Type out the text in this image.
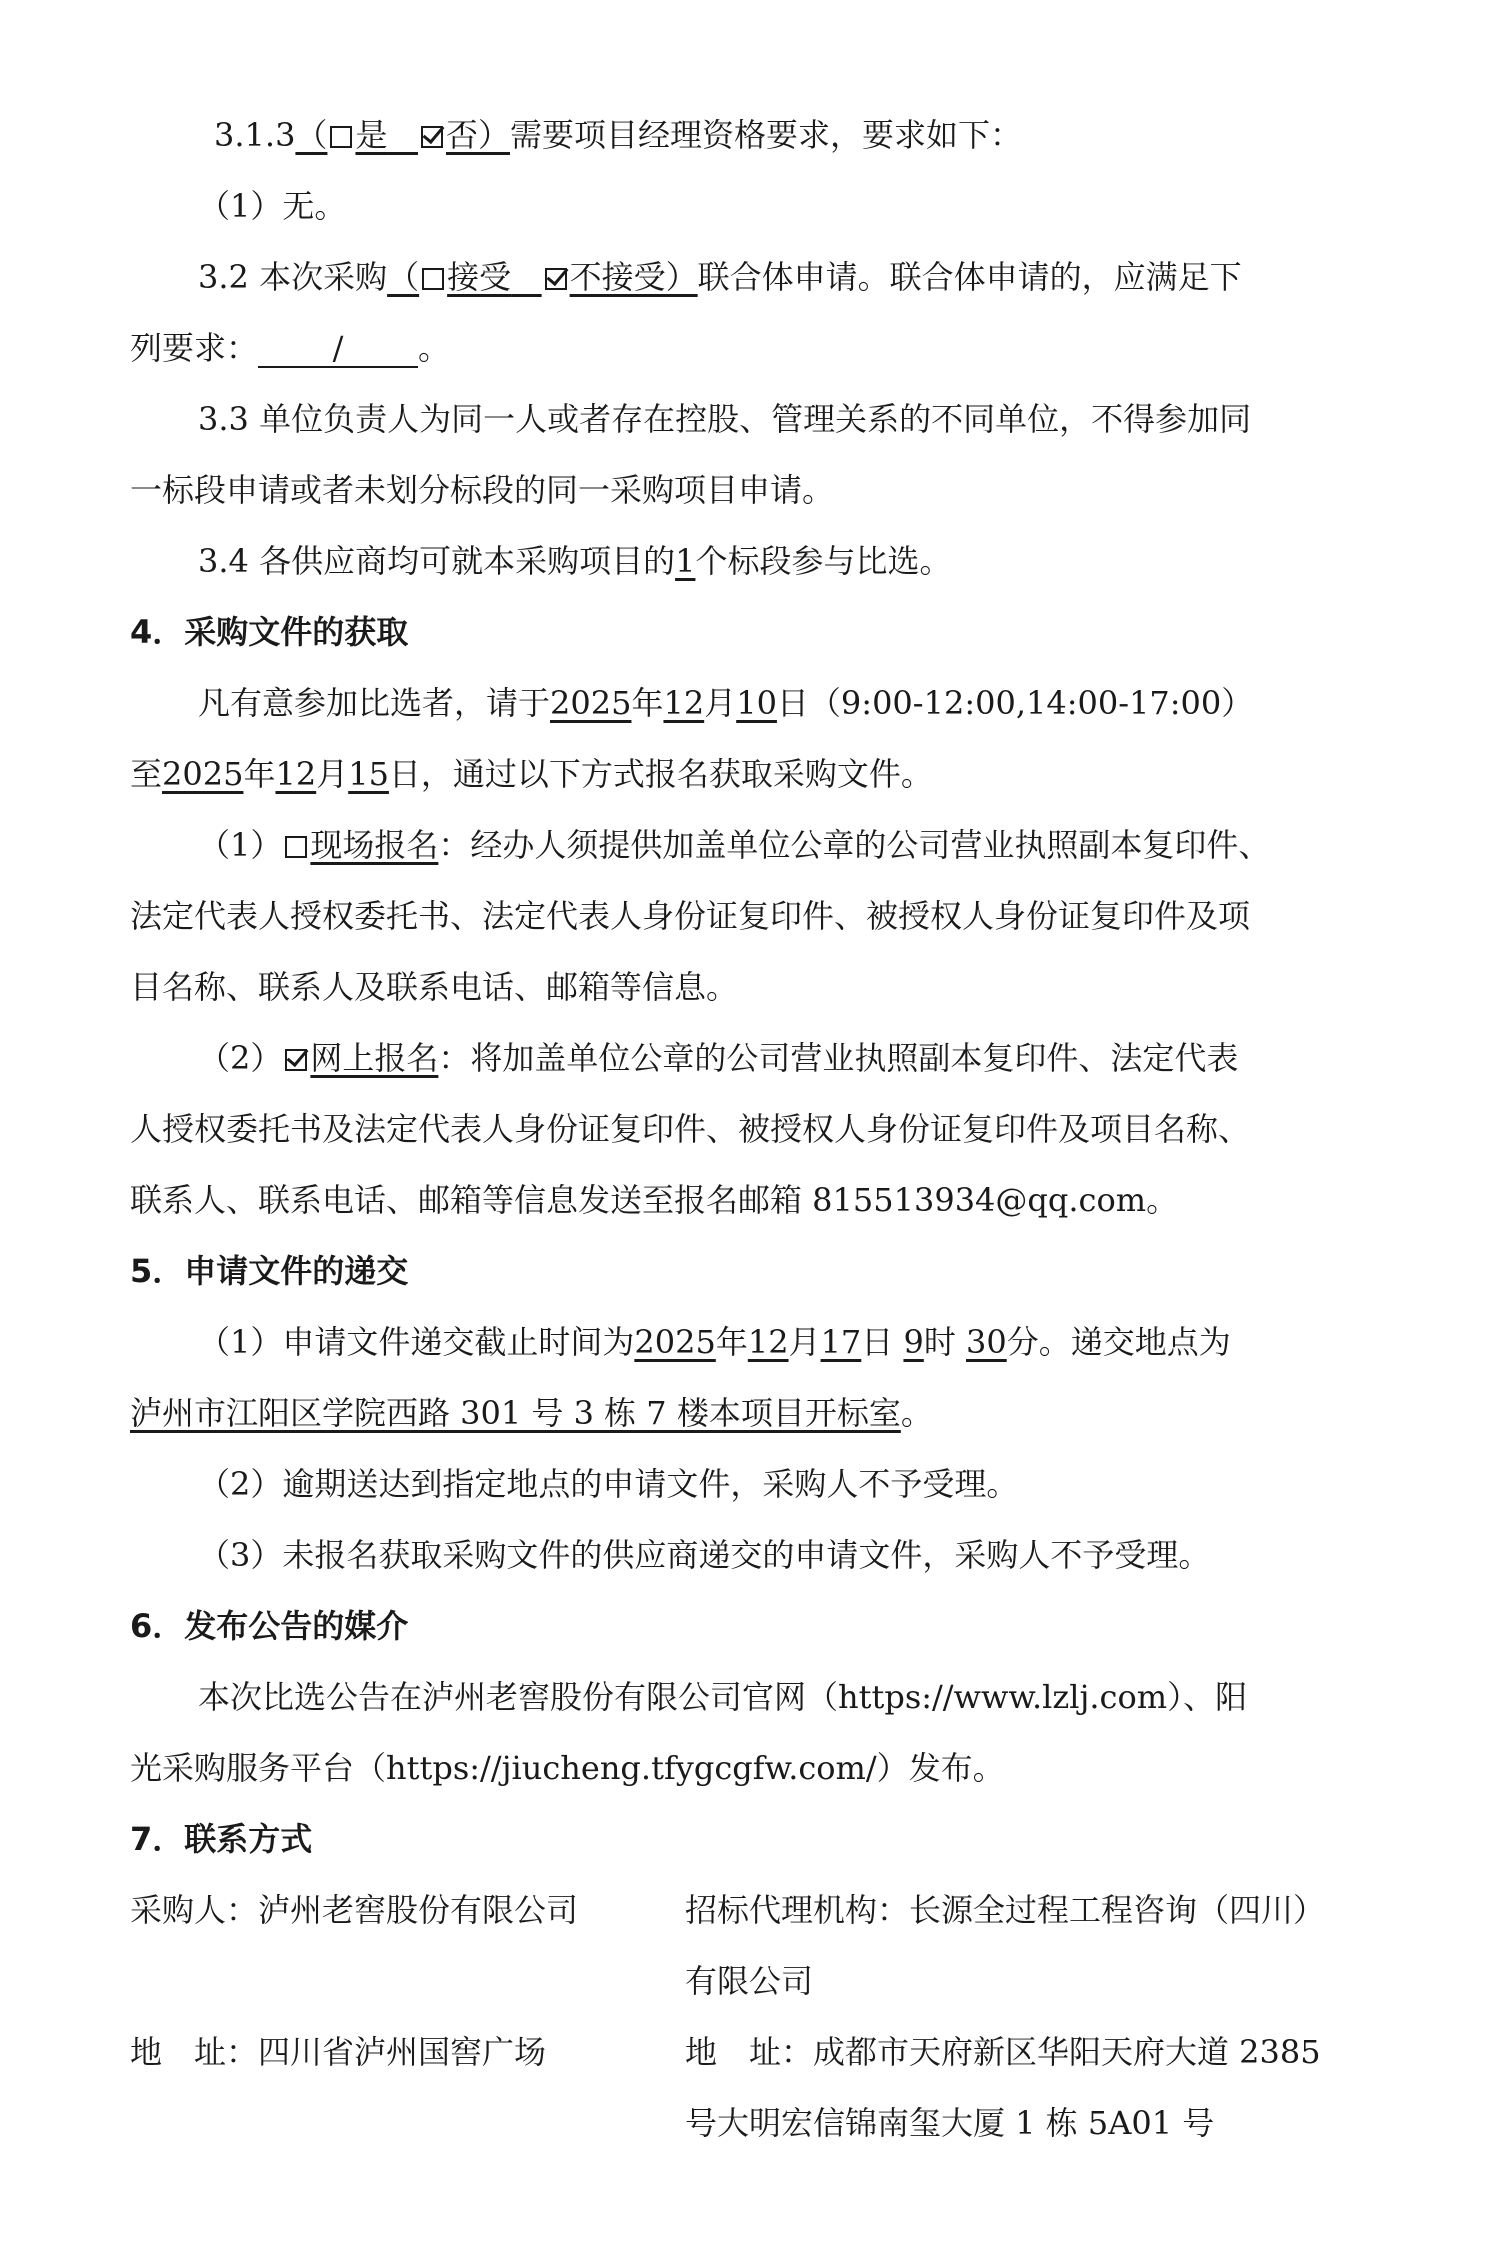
3.1.3（ 是 否）需要项目经理资格要求，要求如下：
（1）无。
3.2 本次采购（ 接受 不接受）联合体申请。联合体申请的，应满足下
列要求： / 。
3.3 单位负责人为同一人或者存在控股、管理关系的不同单位，不得参加同
一标段申请或者未划分标段的同一采购项目申请。
3.4 各供应商均可就本采购项目的1个标段参与比选。
4．采购文件的获取
凡有意参加比选者，请于2025年12月10日（9:00-12:00,14:00-17:00）
至2025年12月15日，通过以下方式报名获取采购文件。
（1） 现场报名：经办人须提供加盖单位公章的公司营业执照副本复印件、
法定代表人授权委托书、法定代表人身份证复印件、被授权人身份证复印件及项
目名称、联系人及联系电话、邮箱等信息。
（2） 网上报名：将加盖单位公章的公司营业执照副本复印件、法定代表
人授权委托书及法定代表人身份证复印件、被授权人身份证复印件及项目名称、
联系人、联系电话、邮箱等信息发送至报名邮箱 815513934@qq.com。
5．申请文件的递交
（1）申请文件递交截止时间为2025年12月17日 9时 30分。递交地点为
泸州市江阳区学院西路 301 号 3 栋 7 楼本项目开标室。
（2）逾期送达到指定地点的申请文件，采购人不予受理。
（3）未报名获取采购文件的供应商递交的申请文件，采购人不予受理。
6．发布公告的媒介
本次比选公告在泸州老窖股份有限公司官网（https://www.lzlj.com）、阳
光采购服务平台（https://jiucheng.tfygcgfw.com/）发布。
7．联系方式
采购人：泸州老窖股份有限公司	招标代理机构：长源全过程工程咨询（四川）
有限公司
地　址：四川省泸州国窖广场	地　址：成都市天府新区华阳天府大道 2385
号大明宏信锦南玺大厦 1 栋 5A01 号
